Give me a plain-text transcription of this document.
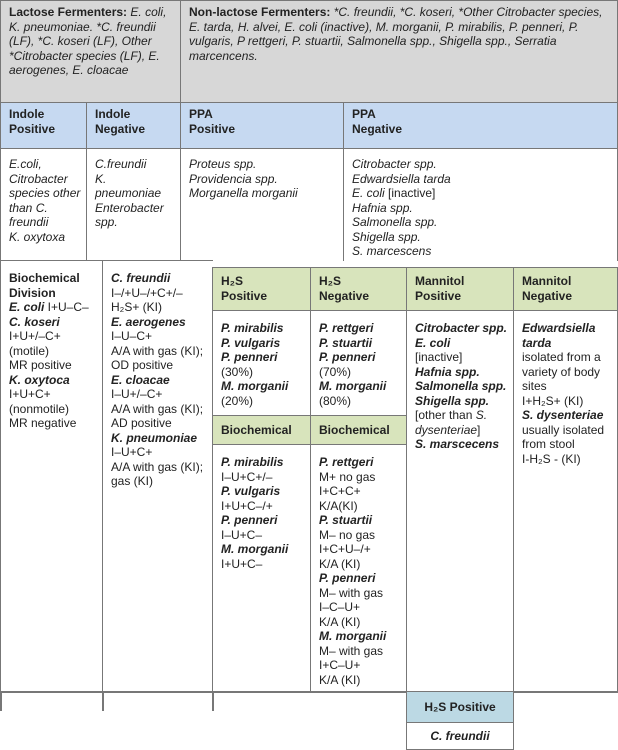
Lactose Fermenters: E. coli, K. pneumoniae. *C. freundii (LF), *C. koseri (LF), Other *Citrobacter species (LF), E. aerogenes, E. cloacae

Non-lactose Fermenters: *C. freundii, *C. koseri, *Other Citrobacter species, E. tarda, H. alvei, E. coli (inactive), M. morganii, P. mirabilis, P. penneri, P. vulgaris, P rettgeri, P. stuartii, Salmonella spp., Shigella spp., Serratia marcencens.

Indole

Positive

Indole

Negative

PPA

Positive

PPA

Negative

E.coli, Citrobacter species other than C. freundii

K. oxytoxa

C.freundii

K. pneumoniae

Enterobacter spp.

Proteus spp.

Providencia spp.

Morganella morganii

Citrobacter spp.

Edwardsiella tarda

E. coli [inactive]

Hafnia spp.

Salmonella spp.

Shigella spp.

S. marcescens

Biochemical Division

E. coli I+U–C–

C. koseri

I+U+/–C+

(motile)

MR positive

K. oxytoca

I+U+C+

(nonmotile)

MR negative

C. freundii

I–/+U–/+C+/–

H₂S+ (KI)

E. aerogenes

I–U–C+

A/A with gas (KI);

OD positive

E. cloacae

I–U+/–C+

A/A with gas (KI);

AD positive

K. pneumoniae

I–U+C+

A/A with gas (KI);

gas (KI)

H₂S

Positive

H₂S

Negative

Mannitol

Positive

Mannitol

Negative

P. mirabilis

P. vulgaris

P. penneri

(30%)

M. morganii

(20%)

P. rettgeri

P. stuartii

P. penneri

(70%)

M. morganii

(80%)

Biochemical	Biochemical

P. mirabilis

I–U+C+/–

P. vulgaris

I+U+C–/+

P. penneri

I–U+C–

M. morganii

I+U+C–

P. rettgeri

M+ no gas

I+C+C+

K/A(KI)

P. stuartii

M– no gas

I+C+U–/+

K/A (KI)

P. penneri

M– with gas

I–C–U+

K/A (KI)

M. morganii

M– with gas

I+C–U+

K/A (KI)

Citrobacter spp.

E. coli

[inactive]

Hafnia spp.

Salmonella spp.

Shigella spp.

[other than S. dysenteriae]

S. marscecens

Edwardsiella tarda

isolated from a variety of body sites

I+H₂S+ (KI)

S. dysenteriae

usually isolated from stool

I-H₂S - (KI)

H₂S Positive

C. freundii
